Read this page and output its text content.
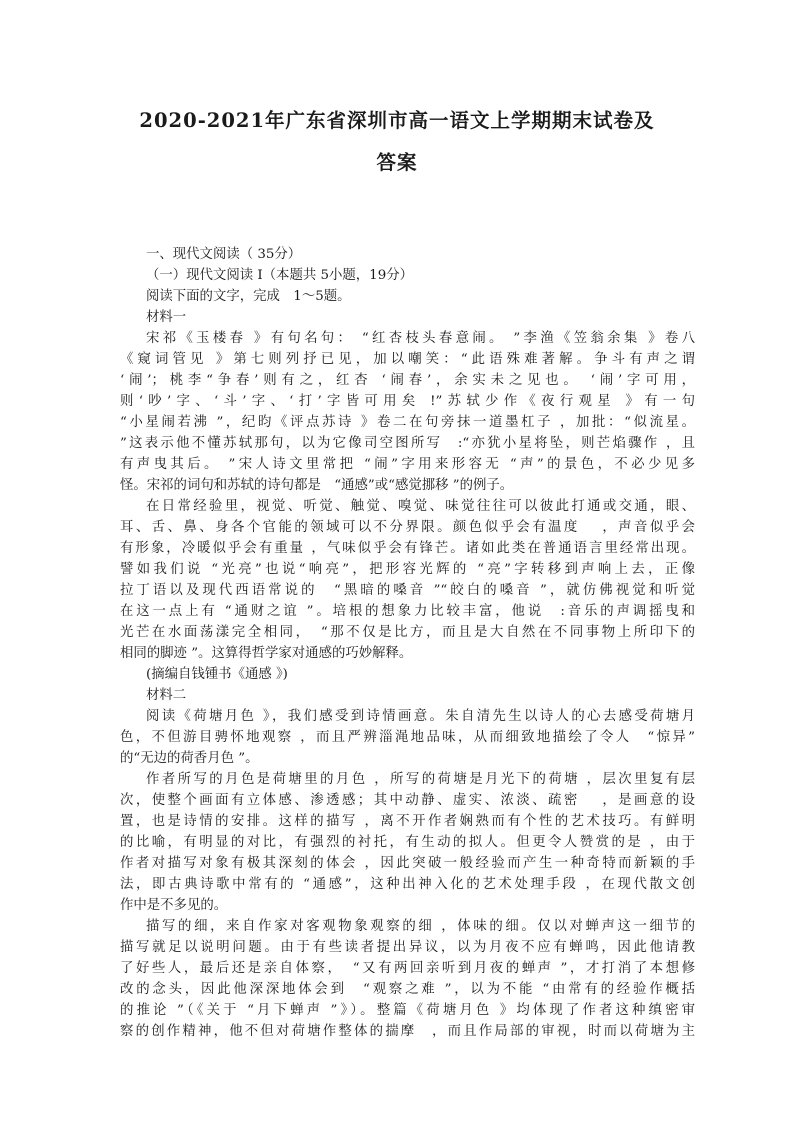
2020-2021年广东省深圳市高一语文上学期期末试卷及
答案
一、现代文阅读（ 35分）
（一）现代文阅读 Ⅰ（本题共 5小题，19分）
阅读下面的文字，完成　1～5题。
材料一
宋祁《玉楼春 》有句名句： “红杏枝头春意闹。 ”李渔《笠翁余集 》卷八
《窥词管见 》第七则列抒已见，加以嘲笑：“此语殊难著解。争斗有声之谓
‘闹’；桃李“争春’则有之，红杏 ‘闹春’，余实未之见也。 ‘闹’字可用，
则‘吵’字、‘斗’字、‘打’字皆可用矣 !”苏轼少作《夜行观星 》有一句
“小星闹若沸 ”，纪昀《评点苏诗 》卷二在句旁抹一道墨杠子 ，加批：“似流星。
”这表示他不懂苏轼那句，以为它像司空图所写　:“亦犹小星将坠，则芒焰骤作 ，且
有声曳其后。 ”宋人诗文里常把 “闹”字用来形容无 “声”的景色，不必少见多
怪。宋祁的词句和苏轼的诗句都是　“通感”或“感觉挪移 ”的例子。
在日常经验里，视觉、听觉、触觉、嗅觉、味觉往往可以彼此打通或交通，眼、
耳、舌、鼻、身各个官能的领域可以不分界限。颜色似乎会有温度　 ，声音似乎会
有形象，冷暖似乎会有重量 ，气味似乎会有锋芒。诸如此类在普通语言里经常出现。
譬如我们说 “光亮”也说“响亮”，把形容光辉的 “亮”字转移到声响上去，正像
拉丁语以及现代西语常说的　“黑暗的嗓音 ”“皎白的嗓音 ”，就仿佛视觉和听觉
在这一点上有 “通财之谊 ”。培根的想象力比较丰富，他说　:音乐的声调摇曳和
光芒在水面荡漾完全相同，　“那不仅是比方，而且是大自然在不同事物上所印下的
相同的脚迹 ”。这算得哲学家对通感的巧妙解释。
(摘编自钱锺书《通感 》)
材料二
阅读《荷塘月色 》，我们感受到诗情画意。朱自清先生以诗人的心去感受荷塘月
色，不但游目骋怀地观察 ，而且严辨淄渑地品味，从而细致地描绘了令人　“惊异”
的“无边的荷香月色 ”。
作者所写的月色是荷塘里的月色 ，所写的荷塘是月光下的荷塘 ，层次里复有层
次，使整个画面有立体感、渗透感；其中动静、虚实、浓淡、疏密　 ，是画意的设
置，也是诗情的安排。这样的描写 ，离不开作者娴熟而有个性的艺术技巧。有鲜明
的比喻，有明显的对比，有强烈的衬托，有生动的拟人。但更令人赞赏的是 ，由于
作者对描写对象有极其深刻的体会 ，因此突破一般经验而产生一种奇特而新颖的手
法，即古典诗歌中常有的 “通感”，这种出神入化的艺术处理手段 ，在现代散文创
作中是不多见的。
描写的细，来自作家对客观物象观察的细 ，体味的细。仅以对蝉声这一细节的
描写就足以说明问题。由于有些读者提出异议，以为月夜不应有蝉鸣，因此他请教
了好些人，最后还是亲自体察，　“又有两回亲听到月夜的蝉声 ”，才打消了本想修
改的念头，因此他深深地体会到　“观察之难 ”，以为不能 “由常有的经验作概括
的推论 ”（《关于 “月下蝉声 ”》）。整篇《荷塘月色 》均体现了作者这种缜密审
察的创作精神，他不但对荷塘作整体的揣摩　，而且作局部的审视，时而以荷塘为主
